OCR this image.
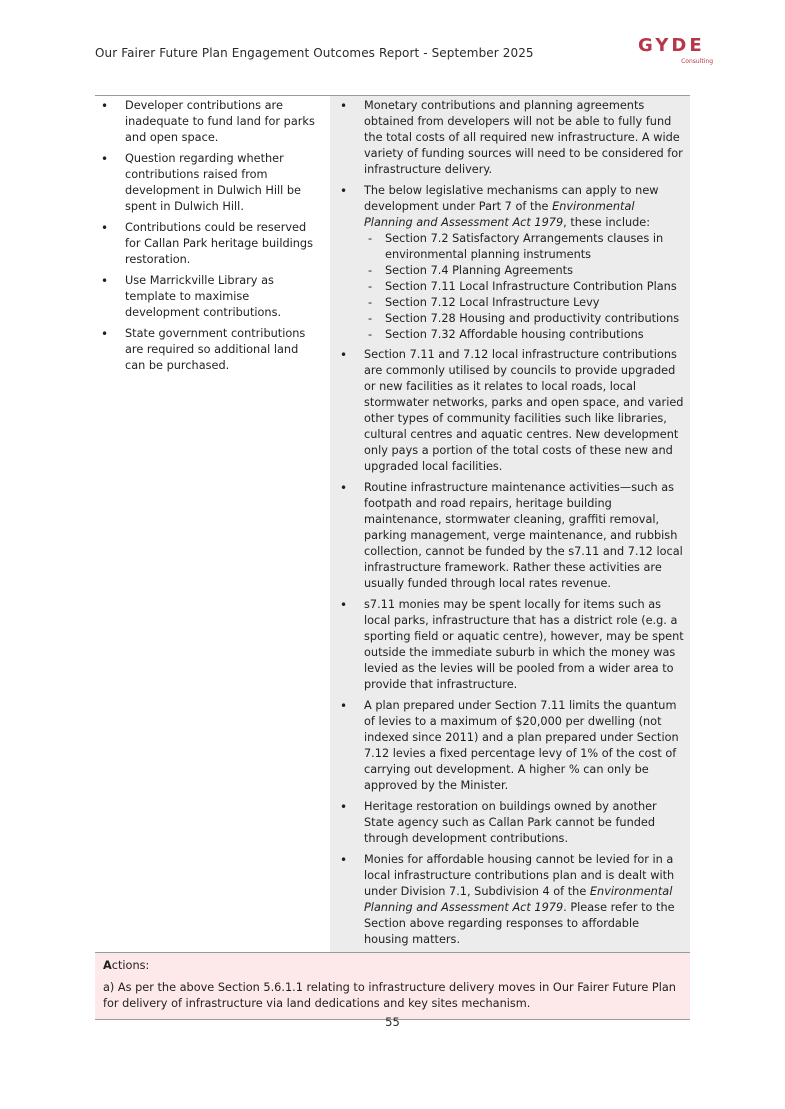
Our Fairer Future Plan Engagement Outcomes Report - September 2025	GYDE
Consulting
• Developer contributions are inadequate to fund land for parks and open space.
• Question regarding whether contributions raised from development in Dulwich Hill be spent in Dulwich Hill.
• Contributions could be reserved for Callan Park heritage buildings restoration.
• Use Marrickville Library as template to maximise development contributions.
• State government contributions are required so additional land can be purchased.
• Monetary contributions and planning agreements obtained from developers will not be able to fully fund the total costs of all required new infrastructure. A wide variety of funding sources will need to be considered for infrastructure delivery.
• The below legislative mechanisms can apply to new development under Part 7 of the Environmental Planning and Assessment Act 1979, these include:
- Section 7.2 Satisfactory Arrangements clauses in environmental planning instruments
- Section 7.4 Planning Agreements
- Section 7.11 Local Infrastructure Contribution Plans
- Section 7.12 Local Infrastructure Levy
- Section 7.28 Housing and productivity contributions
- Section 7.32 Affordable housing contributions
• Section 7.11 and 7.12 local infrastructure contributions are commonly utilised by councils to provide upgraded or new facilities as it relates to local roads, local stormwater networks, parks and open space, and varied other types of community facilities such like libraries, cultural centres and aquatic centres. New development only pays a portion of the total costs of these new and upgraded local facilities.
• Routine infrastructure maintenance activities—such as footpath and road repairs, heritage building maintenance, stormwater cleaning, graffiti removal, parking management, verge maintenance, and rubbish collection, cannot be funded by the s7.11 and 7.12 local infrastructure framework. Rather these activities are usually funded through local rates revenue.
• s7.11 monies may be spent locally for items such as local parks, infrastructure that has a district role (e.g. a sporting field or aquatic centre), however, may be spent outside the immediate suburb in which the money was levied as the levies will be pooled from a wider area to provide that infrastructure.
• A plan prepared under Section 7.11 limits the quantum of levies to a maximum of $20,000 per dwelling (not indexed since 2011) and a plan prepared under Section 7.12 levies a fixed percentage levy of 1% of the cost of carrying out development. A higher % can only be approved by the Minister.
• Heritage restoration on buildings owned by another State agency such as Callan Park cannot be funded through development contributions.
• Monies for affordable housing cannot be levied for in a local infrastructure contributions plan and is dealt with under Division 7.1, Subdivision 4 of the Environmental Planning and Assessment Act 1979. Please refer to the Section above regarding responses to affordable housing matters.
Actions:
a) As per the above Section 5.6.1.1 relating to infrastructure delivery moves in Our Fairer Future Plan for delivery of infrastructure via land dedications and key sites mechanism.
55
